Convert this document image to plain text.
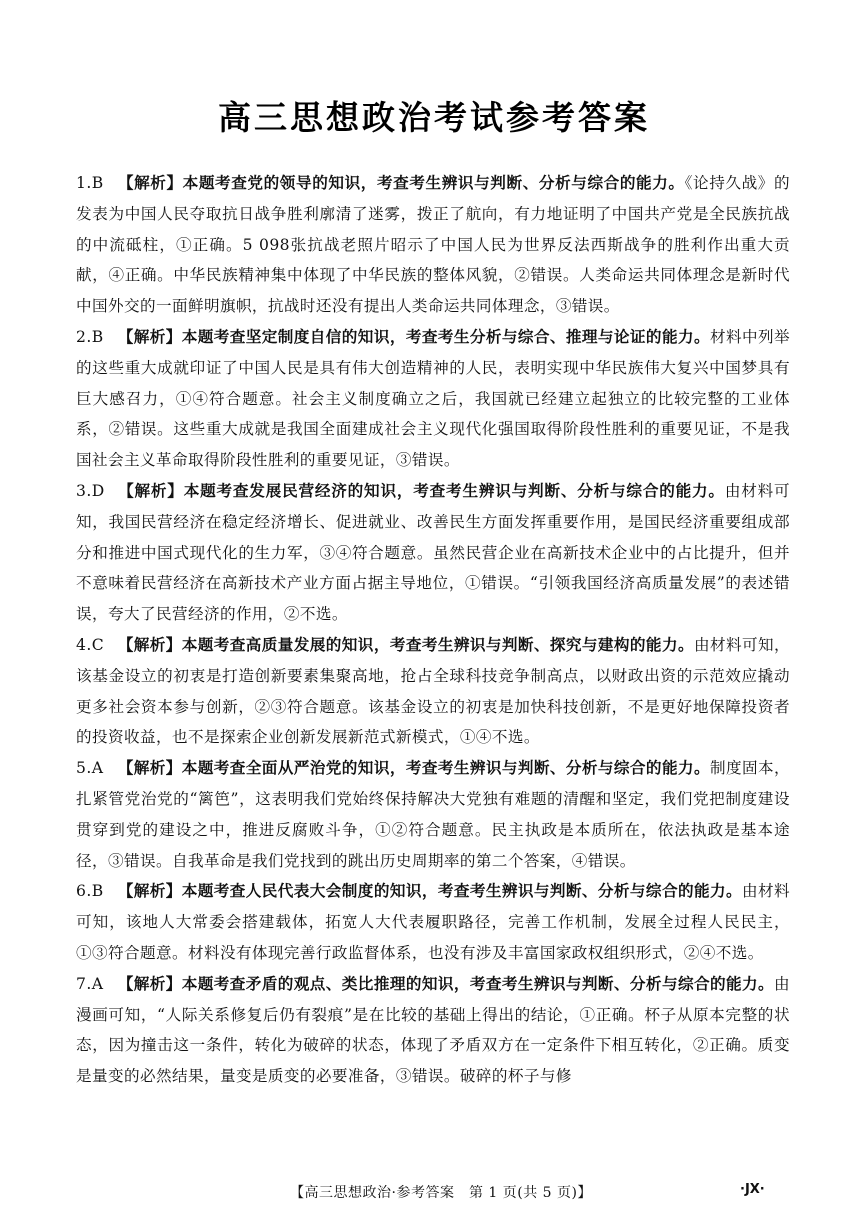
高三思想政治考试参考答案

1.B 【解析】本题考查党的领导的知识，考查考生辨识与判断、分析与综合的能力。《论持久战》的发表为中国人民夺取抗日战争胜利廓清了迷雾，拨正了航向，有力地证明了中国共产党是全民族抗战的中流砥柱，①正确。5 098张抗战老照片昭示了中国人民为世界反法西斯战争的胜利作出重大贡献，④正确。中华民族精神集中体现了中华民族的整体风貌，②错误。人类命运共同体理念是新时代中国外交的一面鲜明旗帜，抗战时还没有提出人类命运共同体理念，③错误。

2.B 【解析】本题考查坚定制度自信的知识，考查考生分析与综合、推理与论证的能力。材料中列举的这些重大成就印证了中国人民是具有伟大创造精神的人民，表明实现中华民族伟大复兴中国梦具有巨大感召力，①④符合题意。社会主义制度确立之后，我国就已经建立起独立的比较完整的工业体系，②错误。这些重大成就是我国全面建成社会主义现代化强国取得阶段性胜利的重要见证，不是我国社会主义革命取得阶段性胜利的重要见证，③错误。

3.D 【解析】本题考查发展民营经济的知识，考查考生辨识与判断、分析与综合的能力。由材料可知，我国民营经济在稳定经济增长、促进就业、改善民生方面发挥重要作用，是国民经济重要组成部分和推进中国式现代化的生力军，③④符合题意。虽然民营企业在高新技术企业中的占比提升，但并不意味着民营经济在高新技术产业方面占据主导地位，①错误。“引领我国经济高质量发展”的表述错误，夸大了民营经济的作用，②不选。

4.C 【解析】本题考查高质量发展的知识，考查考生辨识与判断、探究与建构的能力。由材料可知，该基金设立的初衷是打造创新要素集聚高地，抢占全球科技竞争制高点，以财政出资的示范效应撬动更多社会资本参与创新，②③符合题意。该基金设立的初衷是加快科技创新，不是更好地保障投资者的投资收益，也不是探索企业创新发展新范式新模式，①④不选。

5.A 【解析】本题考查全面从严治党的知识，考查考生辨识与判断、分析与综合的能力。制度固本，扎紧管党治党的“篱笆”，这表明我们党始终保持解决大党独有难题的清醒和坚定，我们党把制度建设贯穿到党的建设之中，推进反腐败斗争，①②符合题意。民主执政是本质所在，依法执政是基本途径，③错误。自我革命是我们党找到的跳出历史周期率的第二个答案，④错误。

6.B 【解析】本题考查人民代表大会制度的知识，考查考生辨识与判断、分析与综合的能力。由材料可知，该地人大常委会搭建载体，拓宽人大代表履职路径，完善工作机制，发展全过程人民民主，①③符合题意。材料没有体现完善行政监督体系，也没有涉及丰富国家政权组织形式，②④不选。

7.A 【解析】本题考查矛盾的观点、类比推理的知识，考查考生辨识与判断、分析与综合的能力。由漫画可知，“人际关系修复后仍有裂痕”是在比较的基础上得出的结论，①正确。杯子从原本完整的状态，因为撞击这一条件，转化为破碎的状态，体现了矛盾双方在一定条件下相互转化，②正确。质变是量变的必然结果，量变是质变的必要准备，③错误。破碎的杯子与修

【高三思想政治·参考答案　第 1 页(共 5 页)】	·JX·
